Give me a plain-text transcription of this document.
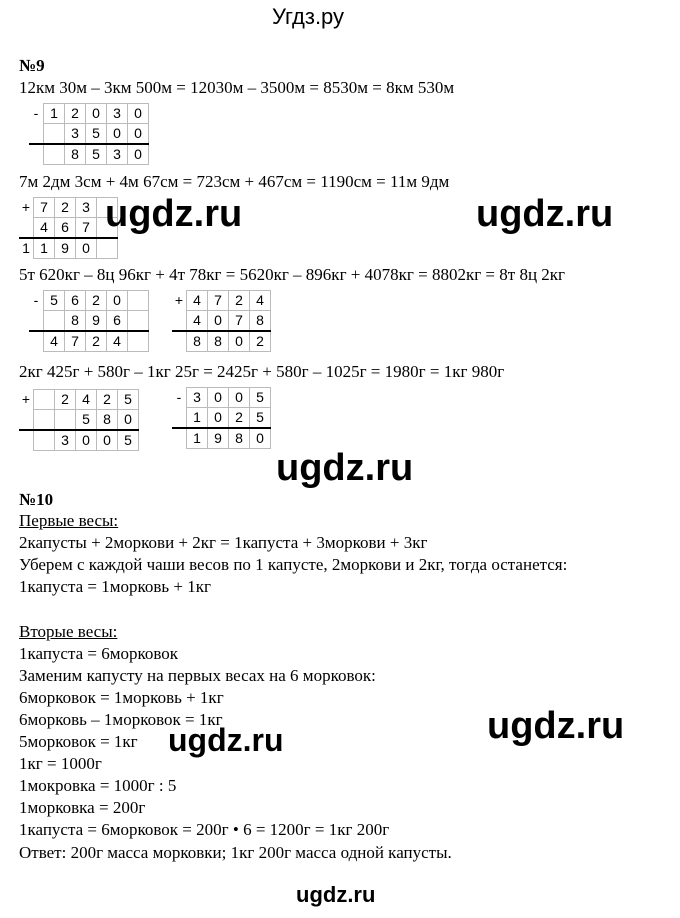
Угдз.ру
№9
12км 30м – 3км 500м = 12030м – 3500м = 8530м = 8км 530м
-	1	2	0	3	0
		3	5	0	0
		8	5	3	0
7м 2дм 3см + 4м 67см = 723см + 467см = 1190см = 11м 9дм
+	7	2	3	
	4	6	7	
1	1	9	0	
5т 620кг – 8ц 96кг + 4т 78кг = 5620кг – 896кг + 4078кг = 8802кг = 8т 8ц 2кг
-	5	6	2	0	
		8	9	6	
	4	7	2	4	
+	4	7	2	4
	4	0	7	8
	8	8	0	2
2кг 425г + 580г – 1кг 25г = 2425г + 580г – 1025г = 1980г = 1кг 980г
+		2	4	2	5
			5	8	0
		3	0	0	5
-	3	0	0	5
	1	0	2	5
	1	9	8	0
№10
Первые весы:
2капусты + 2моркови + 2кг = 1капуста + 3моркови + 3кг
Уберем с каждой чаши весов по 1 капусте, 2моркови и 2кг, тогда останется:
1капуста = 1морковь + 1кг
Вторые весы:
1капуста = 6морковок
Заменим капусту на первых весах на 6 морковок:
6морковок = 1морковь + 1кг
6морковь – 1морковок = 1кг
5морковок = 1кг
1кг = 1000г
1мокровка = 1000г : 5
1морковка = 200г
1капуста = 6морковок = 200г • 6 = 1200г = 1кг 200г
Ответ: 200г масса морковки; 1кг 200г масса одной капусты.
ugdz.ru	ugdz.ru
ugdz.ru
ugdz.ru
ugdz.ru
ugdz.ru
